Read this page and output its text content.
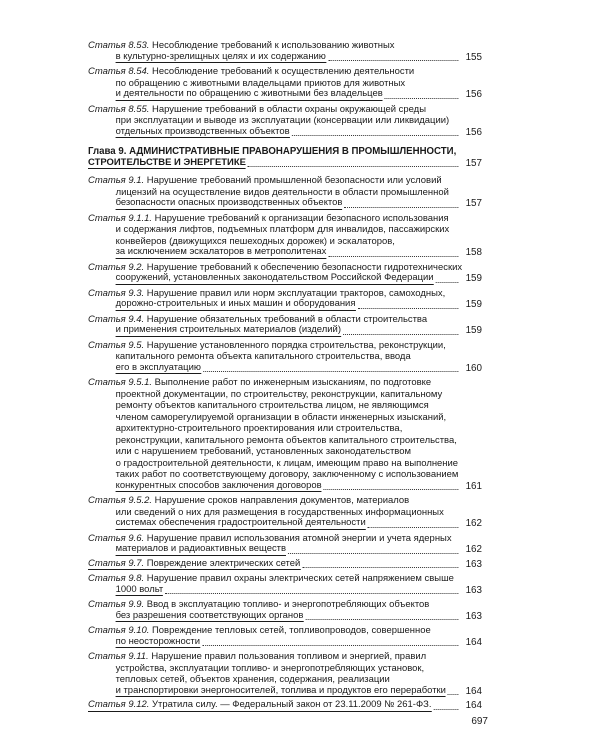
Статья 8.53. Несоблюдение требований к использованию животных
в культурно-зрелищных целях и их содержанию	155
Статья 8.54. Несоблюдение требований к осуществлению деятельности
по обращению с животными владельцами приютов для животных
и деятельности по обращению с животными без владельцев	156
Статья 8.55. Нарушение требований в области охраны окружающей среды
при эксплуатации и выводе из эксплуатации (консервации или ликвидации)
отдельных производственных объектов	156
Глава 9. АДМИНИСТРАТИВНЫЕ ПРАВОНАРУШЕНИЯ В ПРОМЫШЛЕННОСТИ,
СТРОИТЕЛЬСТВЕ И ЭНЕРГЕТИКЕ	157
Статья 9.1. Нарушение требований промышленной безопасности или условий
лицензий на осуществление видов деятельности в области промышленной
безопасности опасных производственных объектов	157
Статья 9.1.1. Нарушение требований к организации безопасного использования
и содержания лифтов, подъемных платформ для инвалидов, пассажирских
конвейеров (движущихся пешеходных дорожек) и эскалаторов,
за исключением эскалаторов в метрополитенах	158
Статья 9.2. Нарушение требований к обеспечению безопасности гидротехнических
сооружений, установленных законодательством Российской Федерации	159
Статья 9.3. Нарушение правил или норм эксплуатации тракторов, самоходных,
дорожно-строительных и иных машин и оборудования	159
Статья 9.4. Нарушение обязательных требований в области строительства
и применения строительных материалов (изделий)	159
Статья 9.5. Нарушение установленного порядка строительства, реконструкции,
капитального ремонта объекта капитального строительства, ввода
его в эксплуатацию	160
Статья 9.5.1. Выполнение работ по инженерным изысканиям, по подготовке
проектной документации, по строительству, реконструкции, капитальному
ремонту объектов капитального строительства лицом, не являющимся
членом саморегулируемой организации в области инженерных изысканий,
архитектурно-строительного проектирования или строительства,
реконструкции, капитального ремонта объектов капитального строительства,
или с нарушением требований, установленных законодательством
о градостроительной деятельности, к лицам, имеющим право на выполнение
таких работ по соответствующему договору, заключенному с использованием
конкурентных способов заключения договоров	161
Статья 9.5.2. Нарушение сроков направления документов, материалов
или сведений о них для размещения в государственных информационных
системах обеспечения градостроительной деятельности	162
Статья 9.6. Нарушение правил использования атомной энергии и учета ядерных
материалов и радиоактивных веществ	162
Статья 9.7. Повреждение электрических сетей	163
Статья 9.8. Нарушение правил охраны электрических сетей напряжением свыше
1000 вольт	163
Статья 9.9. Ввод в эксплуатацию топливо- и энергопотребляющих объектов
без разрешения соответствующих органов	163
Статья 9.10. Повреждение тепловых сетей, топливопроводов, совершенное
по неосторожности	164
Статья 9.11. Нарушение правил пользования топливом и энергией, правил
устройства, эксплуатации топливо- и энергопотребляющих установок,
тепловых сетей, объектов хранения, содержания, реализации
и транспортировки энергоносителей, топлива и продуктов его переработки	164
Статья 9.12. Утратила силу. — Федеральный закон от 23.11.2009 № 261-ФЗ.	164
697
